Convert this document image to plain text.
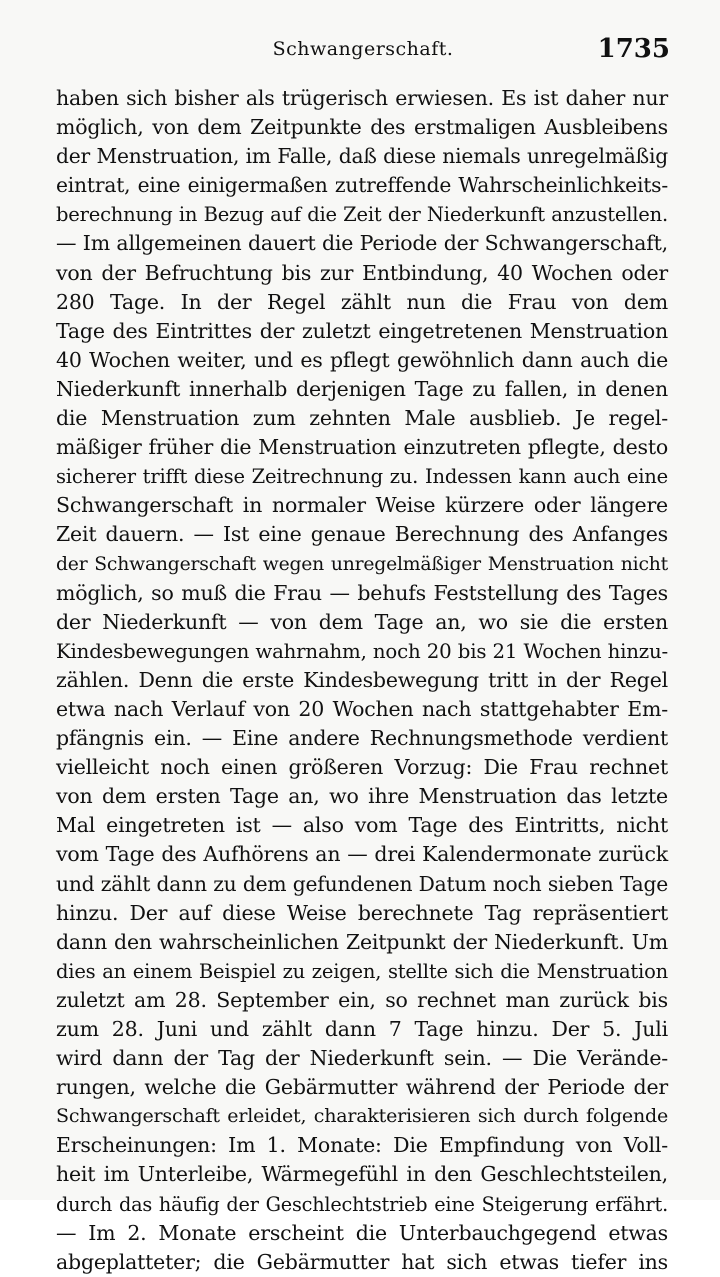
Schwangerschaft.	1735
haben sich bisher als trügerisch erwiesen. Es ist daher nur
möglich, von dem Zeitpunkte des erstmaligen Ausbleibens
der Menstruation, im Falle, daß diese niemals unregelmäßig
eintrat, eine einigermaßen zutreffende Wahrscheinlichkeits-
berechnung in Bezug auf die Zeit der Niederkunft anzustellen.
— Im allgemeinen dauert die Periode der Schwangerschaft,
von der Befruchtung bis zur Entbindung, 40 Wochen oder
280 Tage. In der Regel zählt nun die Frau von dem
Tage des Eintrittes der zuletzt eingetretenen Menstruation
40 Wochen weiter, und es pflegt gewöhnlich dann auch die
Niederkunft innerhalb derjenigen Tage zu fallen, in denen
die Menstruation zum zehnten Male ausblieb. Je regel-
mäßiger früher die Menstruation einzutreten pflegte, desto
sicherer trifft diese Zeitrechnung zu. Indessen kann auch eine
Schwangerschaft in normaler Weise kürzere oder längere
Zeit dauern. — Ist eine genaue Berechnung des Anfanges
der Schwangerschaft wegen unregelmäßiger Menstruation nicht
möglich, so muß die Frau — behufs Feststellung des Tages
der Niederkunft — von dem Tage an, wo sie die ersten
Kindesbewegungen wahrnahm, noch 20 bis 21 Wochen hinzu-
zählen. Denn die erste Kindesbewegung tritt in der Regel
etwa nach Verlauf von 20 Wochen nach stattgehabter Em-
pfängnis ein. — Eine andere Rechnungsmethode verdient
vielleicht noch einen größeren Vorzug: Die Frau rechnet
von dem ersten Tage an, wo ihre Menstruation das letzte
Mal eingetreten ist — also vom Tage des Eintritts, nicht
vom Tage des Aufhörens an — drei Kalendermonate zurück
und zählt dann zu dem gefundenen Datum noch sieben Tage
hinzu. Der auf diese Weise berechnete Tag repräsentiert
dann den wahrscheinlichen Zeitpunkt der Niederkunft. Um
dies an einem Beispiel zu zeigen, stellte sich die Menstruation
zuletzt am 28. September ein, so rechnet man zurück bis
zum 28. Juni und zählt dann 7 Tage hinzu. Der 5. Juli
wird dann der Tag der Niederkunft sein. — Die Verände-
rungen, welche die Gebärmutter während der Periode der
Schwangerschaft erleidet, charakterisieren sich durch folgende
Erscheinungen: Im 1. Monate: Die Empfindung von Voll-
heit im Unterleibe, Wärmegefühl in den Geschlechtsteilen,
durch das häufig der Geschlechtstrieb eine Steigerung erfährt.
— Im 2. Monate erscheint die Unterbauchgegend etwas
abgeplatteter; die Gebärmutter hat sich etwas tiefer ins
